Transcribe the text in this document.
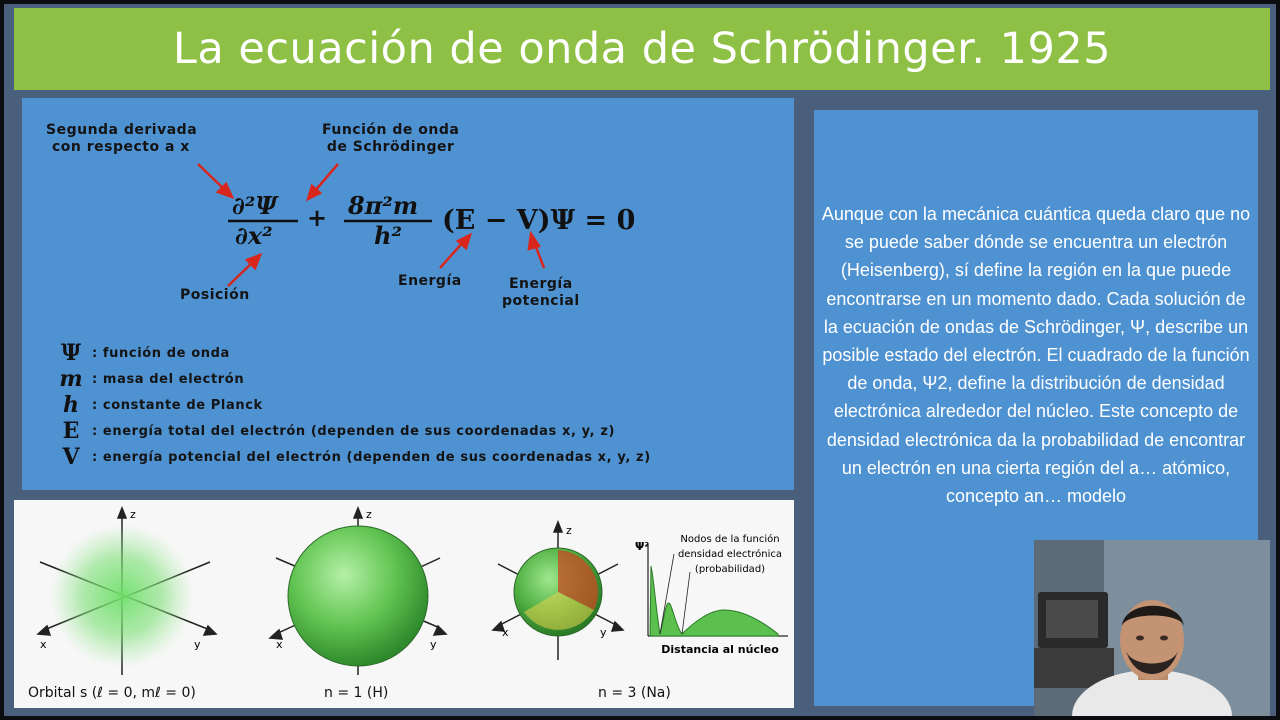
La ecuación de onda de Schrödinger. 1925
Segunda derivada
con respecto a x
Función de onda
de Schrödinger
∂²Ψ
∂x²
+ 8π²m
h² (E − V)Ψ = 0
Posición
Energía	Energía
potencial
Ψ : función de onda
m : masa del electrón
h	: constante de Planck
E : energía total del electrón (dependen de sus coordenadas x, y, z)
V : energía potencial del electrón (dependen de sus coordenadas x, y, z)
z
x	y
z
x	y
z
x	y
Ψ²
Nodos de la función
densidad electrónica
(probabilidad)
Distancia al núcleo
Orbital s (ℓ = 0, mℓ = 0)	n = 1 (H)	n = 3 (Na)

Aunque con la mecánica cuántica queda claro que no se puede saber dónde se encuentra un electrón (Heisenberg), sí define la región en la que puede encontrarse en un momento dado. Cada solución de la ecuación de ondas de Schrödinger, Ψ, describe un posible estado del electrón. El cuadrado de la función de onda, Ψ2, define la distribución de densidad electrónica alrededor del núcleo. Este concepto de densidad electrónica da la probabilidad de encontrar un electrón en una cierta región del a… atómico, concepto an… modelo
